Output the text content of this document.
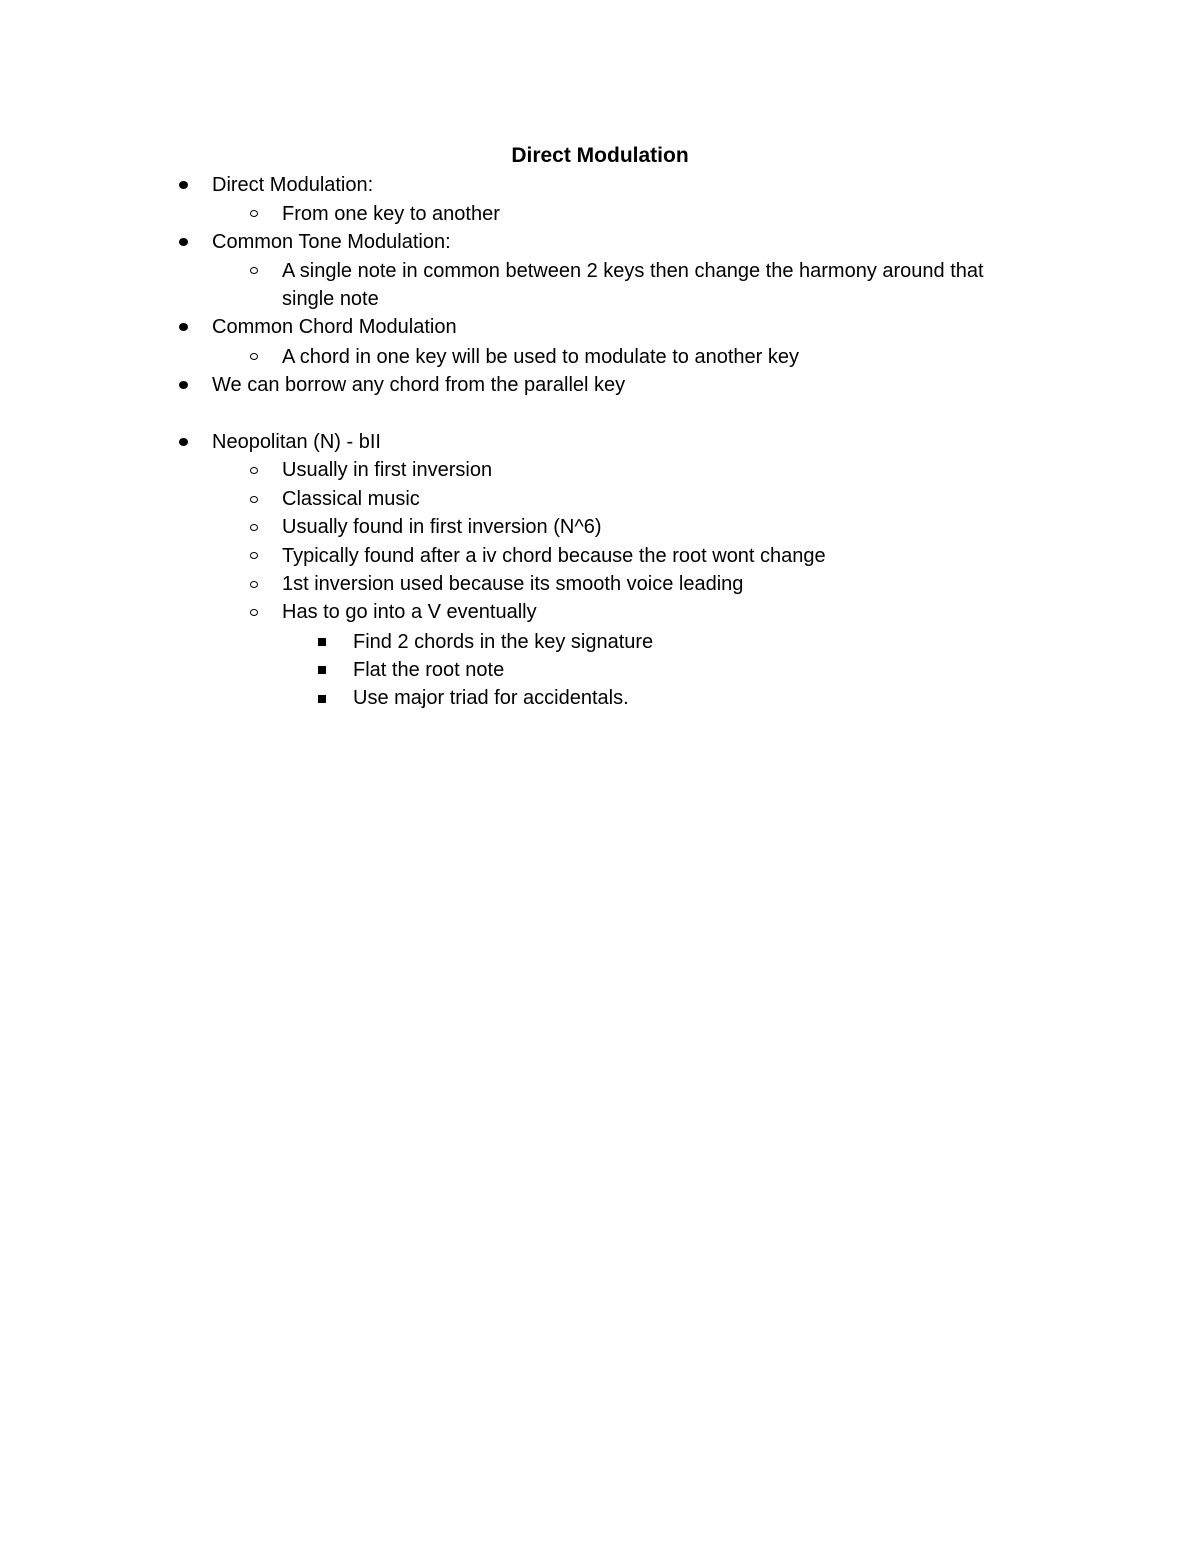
Direct Modulation
Direct Modulation:
From one key to another
Common Tone Modulation:
A single note in common between 2 keys then change the harmony around that
single note
Common Chord Modulation
A chord in one key will be used to modulate to another key
We can borrow any chord from the parallel key
Neopolitan (N) - bII
Usually in first inversion
Classical music
Usually found in first inversion (N^6)
Typically found after a iv chord because the root wont change
1st inversion used because its smooth voice leading
Has to go into a V eventually
Find 2 chords in the key signature
Flat the root note
Use major triad for accidentals.
